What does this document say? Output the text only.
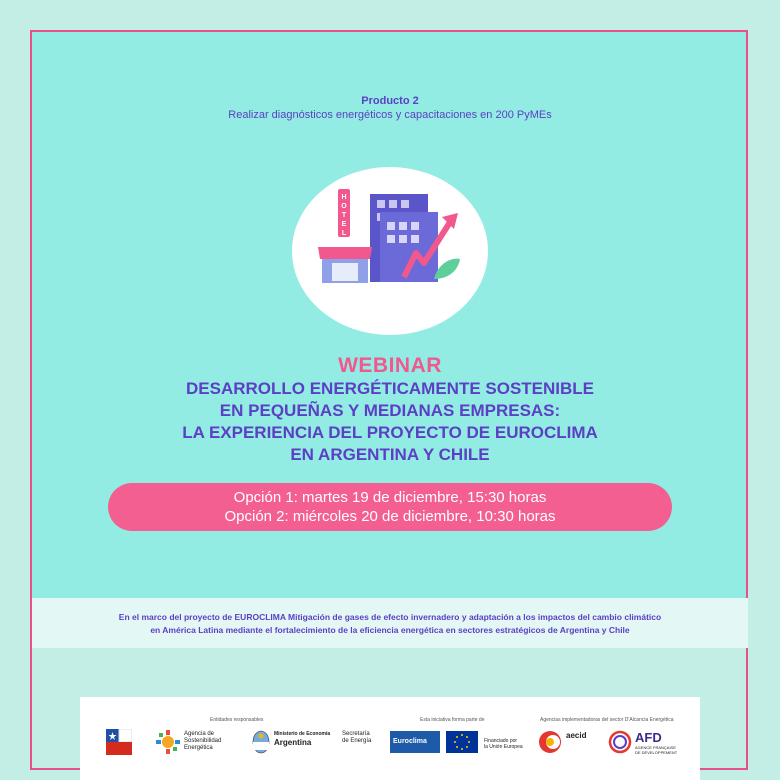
Producto 2
Realizar diagnósticos energéticos y capacitaciones en 200 PyMEs
H
O
T
E
L
WEBINAR
DESARROLLO ENERGÉTICAMENTE SOSTENIBLE
EN PEQUEÑAS Y MEDIANAS EMPRESAS:
LA EXPERIENCIA DEL PROYECTO DE EUROCLIMA
EN ARGENTINA Y CHILE
Opción 1: martes 19 de diciembre, 15:30 horas
Opción 2: miércoles 20 de diciembre, 10:30 horas
En el marco del proyecto de EUROCLIMA Mitigación de gases de efecto invernadero y adaptación a los impactos del cambio climático
en América Latina mediante el fortalecimiento de la eficiencia energética en sectores estratégicos de Argentina y Chile
Entidades responsables	Esta iniciativa forma parte de	Agencias implementadoras del sector D'Alcancia Energética
Agencia de
Sostenibilidad
Energética
Ministerio de Economía
Argentina
Secretaría
de Energía	Euroclima	Financiado por
la Unión Europea
aecid	AFD
AGENCE FRANÇAISE
DE DÉVELOPPEMENT
